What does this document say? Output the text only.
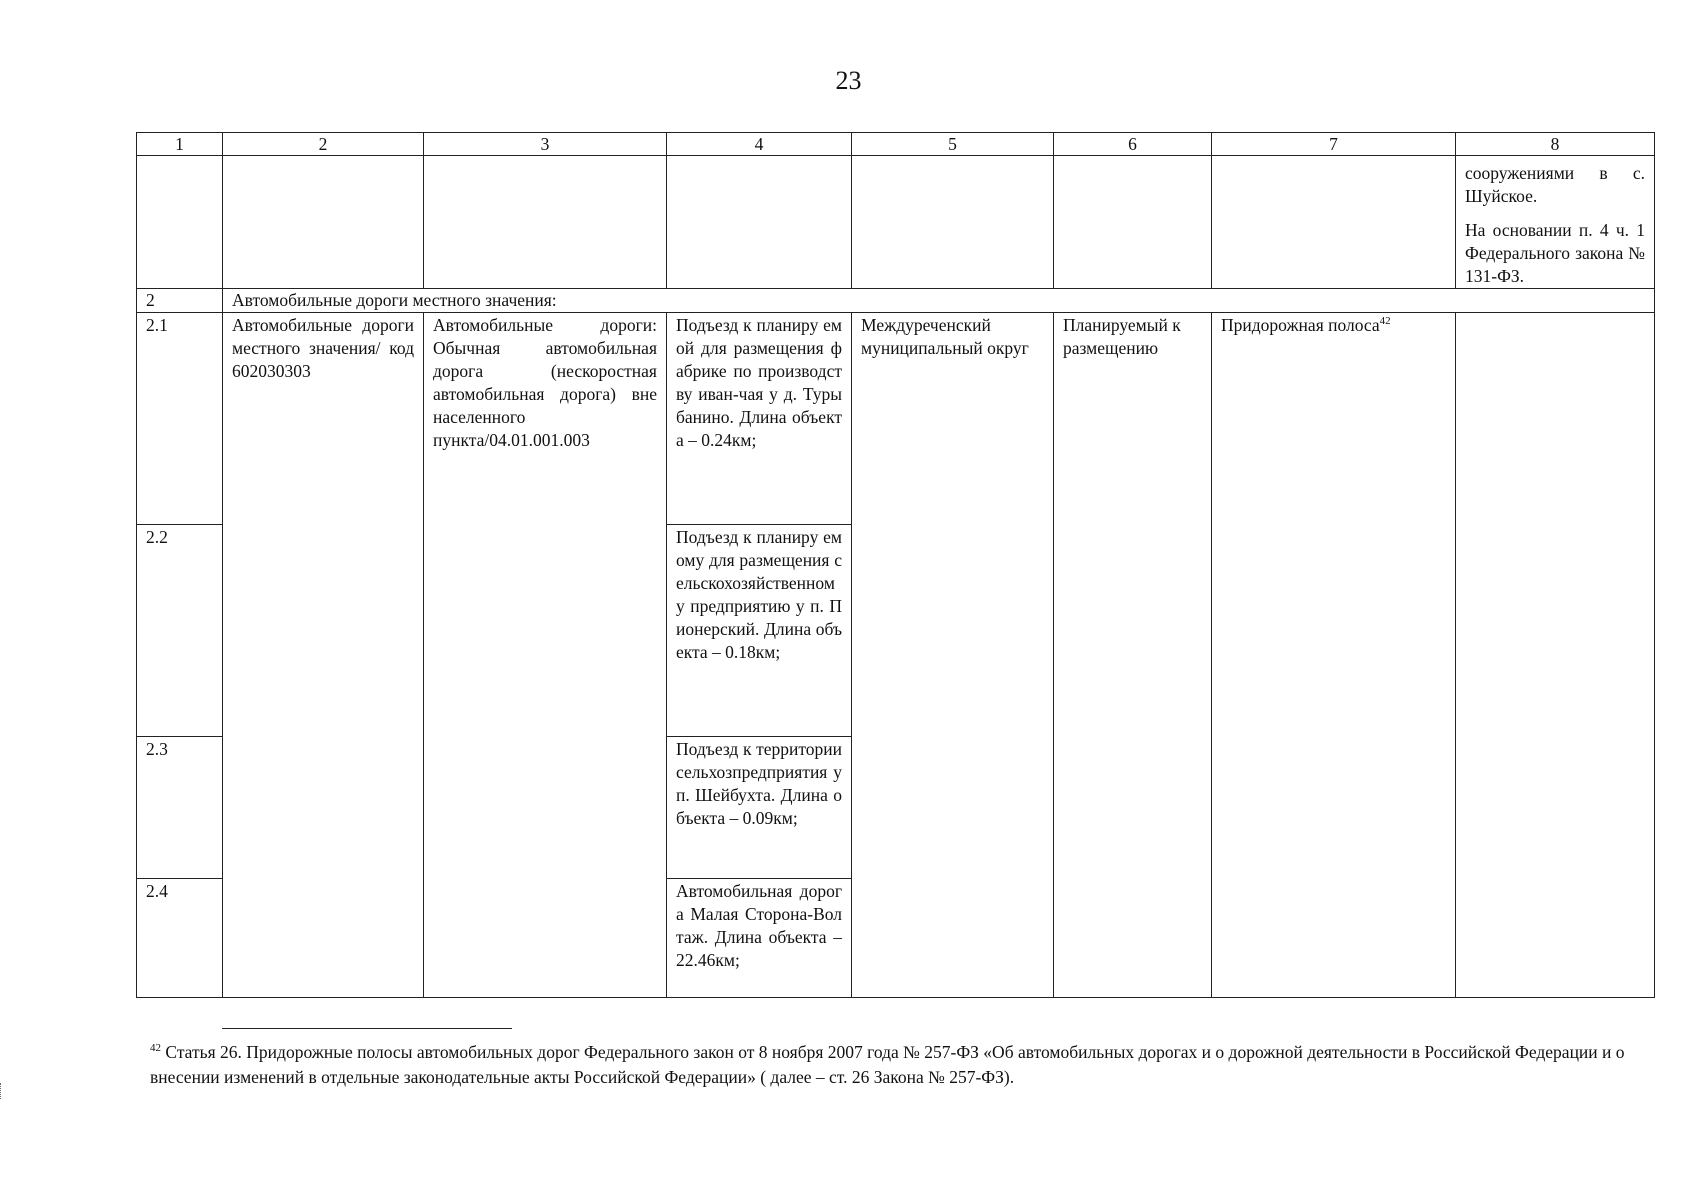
23
1	2	3	4	5	6	7	8

							сооружениями в с. Шуйское.

На основании п. 4 ч. 1 Федерального закона № 131-ФЗ.

2	Автомобильные дороги местного значения:						
2.1	Автомобильные дороги местного значения/ код 602030303	Автомобильные дороги: Обычная автомобильная дорога (нескоростная автомобильная дорога) вне населенного пункта/04.01.001.003	Подъезд к планиру емой для размещения фабрике по производству иван-чая у д. Турыбанино. Длина объекта – 0.24км;	Междуреченский муниципальный округ	Планируемый к размещению	Придорожная полоса$^{42}$	
2.2			Подъезд к планиру емому для размещения сельскохозяйственному предприятию у п. Пионерский. Длина объекта – 0.18км;				
2.3			Подъезд к территории сельхозпредприятия у п. Шейбухта. Длина объекта – 0.09км;				
2.4			Автомобильная дорога Малая Сторона-Волтаж. Длина объекта – 22.46км;				
$^{42}$ Статья 26. Придорожные полосы автомобильных дорог Федерального закон от 8 ноября 2007 года № 257-ФЗ «Об автомобильных дорогах и о дорожной деятельности в Российской Федерации и о внесении изменений в отдельные законодательные акты Российской Федерации» ( далее – ст. 26 Закона № 257-ФЗ).
